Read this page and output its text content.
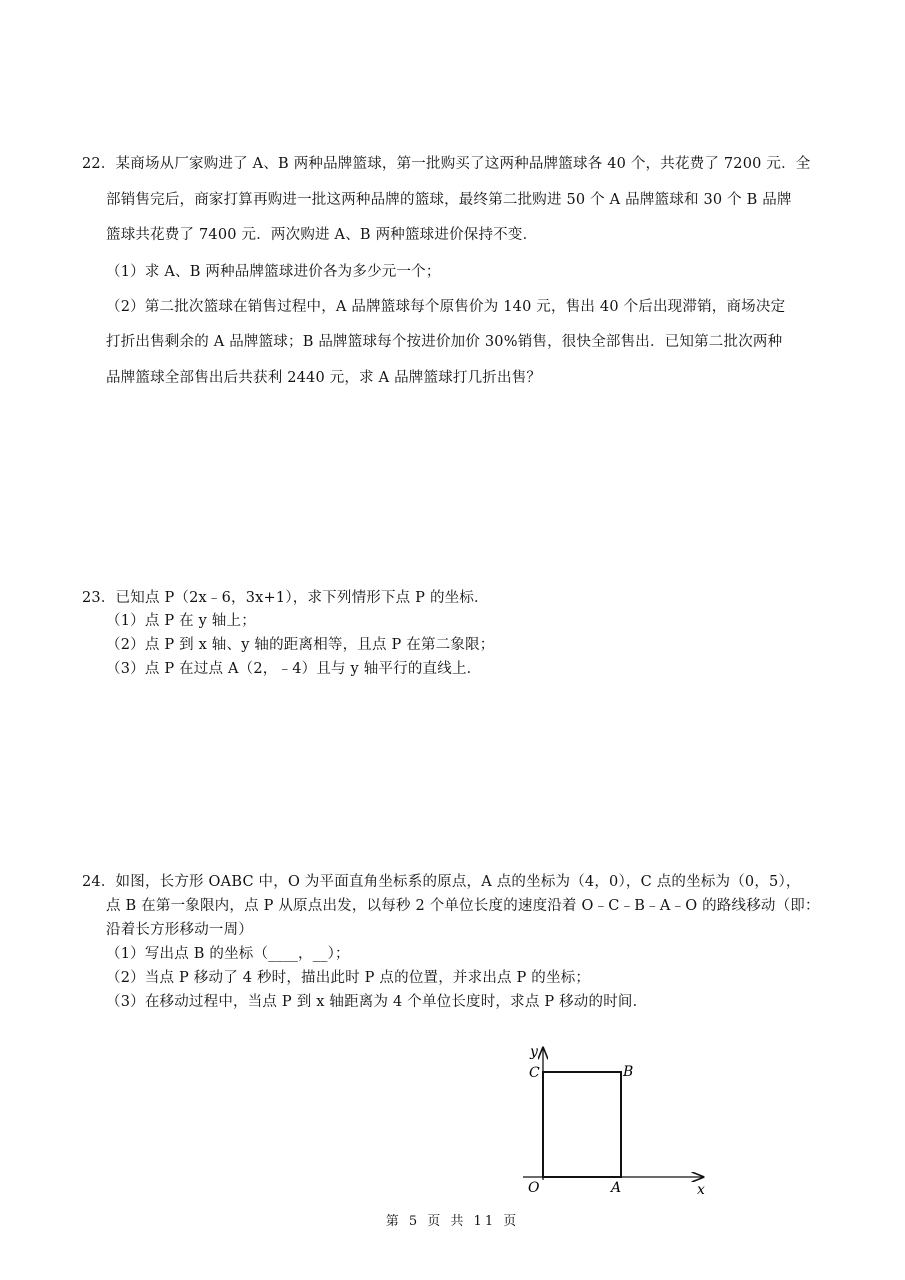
22．某商场从厂家购进了 A、B 两种品牌篮球，第一批购买了这两种品牌篮球各 40 个，共花费了 7200 元．全
部销售完后，商家打算再购进一批这两种品牌的篮球，最终第二批购进 50 个 A 品牌篮球和 30 个 B 品牌
篮球共花费了 7400 元．两次购进 A、B 两种篮球进价保持不变．
（1）求 A、B 两种品牌篮球进价各为多少元一个；
（2）第二批次篮球在销售过程中，A 品牌篮球每个原售价为 140 元，售出 40 个后出现滞销，商场决定
打折出售剩余的 A 品牌篮球；B 品牌篮球每个按进价加价 30%销售，很快全部售出．已知第二批次两种
品牌篮球全部售出后共获利 2440 元，求 A 品牌篮球打几折出售？
23．已知点 P（2x﹣6，3x+1），求下列情形下点 P 的坐标．
（1）点 P 在 y 轴上；
（2）点 P 到 x 轴、y 轴的距离相等，且点 P 在第二象限；
（3）点 P 在过点 A（2，﹣4）且与 y 轴平行的直线上．
24．如图，长方形 OABC 中，O 为平面直角坐标系的原点，A 点的坐标为（4，0），C 点的坐标为（0，5），
点 B 在第一象限内，点 P 从原点出发，以每秒 2 个单位长度的速度沿着 O﹣C﹣B﹣A﹣O 的路线移动（即：
沿着长方形移动一周）
（1）写出点 B 的坐标（____，__）；
（2）当点 P 移动了 4 秒时，描出此时 P 点的位置，并求出点 P 的坐标；
（3）在移动过程中，当点 P 到 x 轴距离为 4 个单位长度时，求点 P 移动的时间．
y
C	B
O	A	x
第 5 页 共 11 页
